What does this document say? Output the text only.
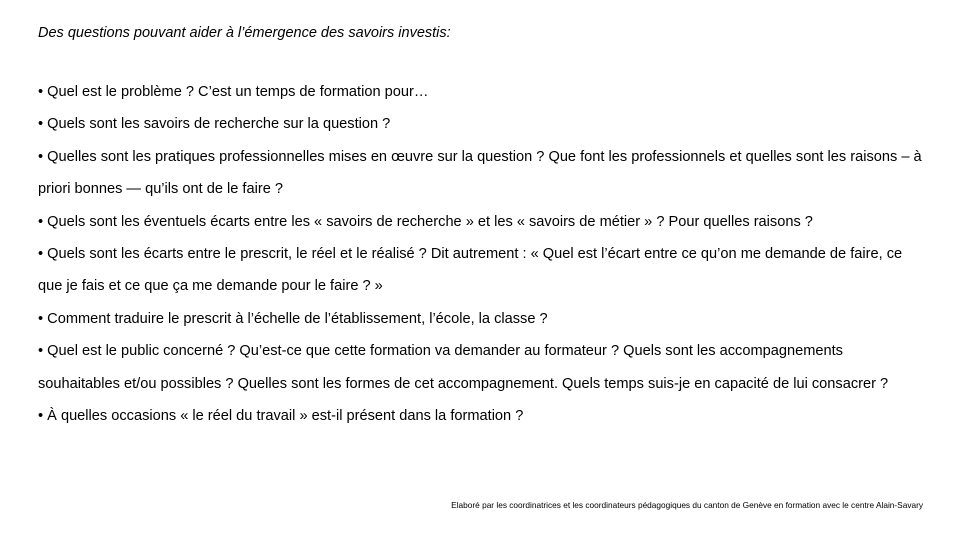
Des questions pouvant aider à l’émergence des savoirs investis:
• Quel est le problème ? C’est un temps de formation pour…
• Quels sont les savoirs de recherche sur la question ?
• Quelles sont les pratiques professionnelles mises en œuvre sur la question ? Que font les professionnels et quelles sont les raisons – à priori bonnes — qu’ils ont de le faire ?
• Quels sont les éventuels écarts entre les « savoirs de recherche » et les « savoirs de métier » ? Pour quelles raisons ?
• Quels sont les écarts entre le prescrit, le réel et le réalisé ? Dit autrement : « Quel est l’écart entre ce qu’on me demande de faire, ce que je fais et ce que ça me demande pour le faire ? »
• Comment traduire le prescrit à l’échelle de l’établissement, l’école, la classe ?
• Quel est le public concerné ? Qu’est-ce que cette formation va demander au formateur ? Quels sont les accompagnements souhaitables et/ou possibles ? Quelles sont les formes de cet accompagnement. Quels temps suis-je en capacité de lui consacrer ?
• À quelles occasions « le réel du travail » est-il présent dans la formation ?
Elaboré par les coordinatrices et les coordinateurs pédagogiques du canton de Genève en formation avec le centre Alain-Savary
